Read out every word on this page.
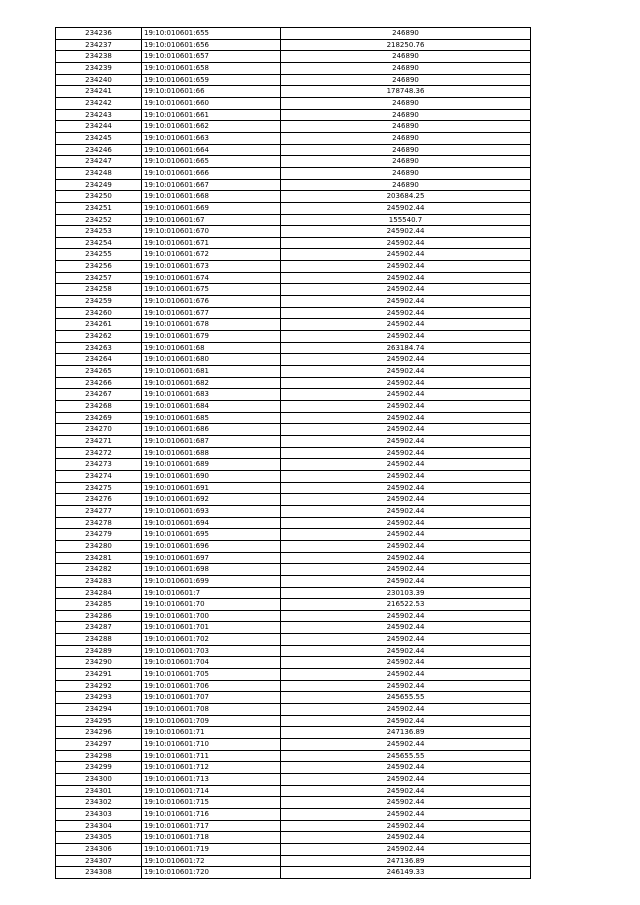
234236	19:10:010601:655	246890
234237	19:10:010601:656	218250.76
234238	19:10:010601:657	246890
234239	19:10:010601:658	246890
234240	19:10:010601:659	246890
234241	19:10:010601:66	178748.36
234242	19:10:010601:660	246890
234243	19:10:010601:661	246890
234244	19:10:010601:662	246890
234245	19:10:010601:663	246890
234246	19:10:010601:664	246890
234247	19:10:010601:665	246890
234248	19:10:010601:666	246890
234249	19:10:010601:667	246890
234250	19:10:010601:668	203684.25
234251	19:10:010601:669	245902.44
234252	19:10:010601:67	155540.7
234253	19:10:010601:670	245902.44
234254	19:10:010601:671	245902.44
234255	19:10:010601:672	245902.44
234256	19:10:010601:673	245902.44
234257	19:10:010601:674	245902.44
234258	19:10:010601:675	245902.44
234259	19:10:010601:676	245902.44
234260	19:10:010601:677	245902.44
234261	19:10:010601:678	245902.44
234262	19:10:010601:679	245902.44
234263	19:10:010601:68	263184.74
234264	19:10:010601:680	245902.44
234265	19:10:010601:681	245902.44
234266	19:10:010601:682	245902.44
234267	19:10:010601:683	245902.44
234268	19:10:010601:684	245902.44
234269	19:10:010601:685	245902.44
234270	19:10:010601:686	245902.44
234271	19:10:010601:687	245902.44
234272	19:10:010601:688	245902.44
234273	19:10:010601:689	245902.44
234274	19:10:010601:690	245902.44
234275	19:10:010601:691	245902.44
234276	19:10:010601:692	245902.44
234277	19:10:010601:693	245902.44
234278	19:10:010601:694	245902.44
234279	19:10:010601:695	245902.44
234280	19:10:010601:696	245902.44
234281	19:10:010601:697	245902.44
234282	19:10:010601:698	245902.44
234283	19:10:010601:699	245902.44
234284	19:10:010601:7	230103.39
234285	19:10:010601:70	216522.53
234286	19:10:010601:700	245902.44
234287	19:10:010601:701	245902.44
234288	19:10:010601:702	245902.44
234289	19:10:010601:703	245902.44
234290	19:10:010601:704	245902.44
234291	19:10:010601:705	245902.44
234292	19:10:010601:706	245902.44
234293	19:10:010601:707	245655.55
234294	19:10:010601:708	245902.44
234295	19:10:010601:709	245902.44
234296	19:10:010601:71	247136.89
234297	19:10:010601:710	245902.44
234298	19:10:010601:711	245655.55
234299	19:10:010601:712	245902.44
234300	19:10:010601:713	245902.44
234301	19:10:010601:714	245902.44
234302	19:10:010601:715	245902.44
234303	19:10:010601:716	245902.44
234304	19:10:010601:717	245902.44
234305	19:10:010601:718	245902.44
234306	19:10:010601:719	245902.44
234307	19:10:010601:72	247136.89
234308	19:10:010601:720	246149.33
